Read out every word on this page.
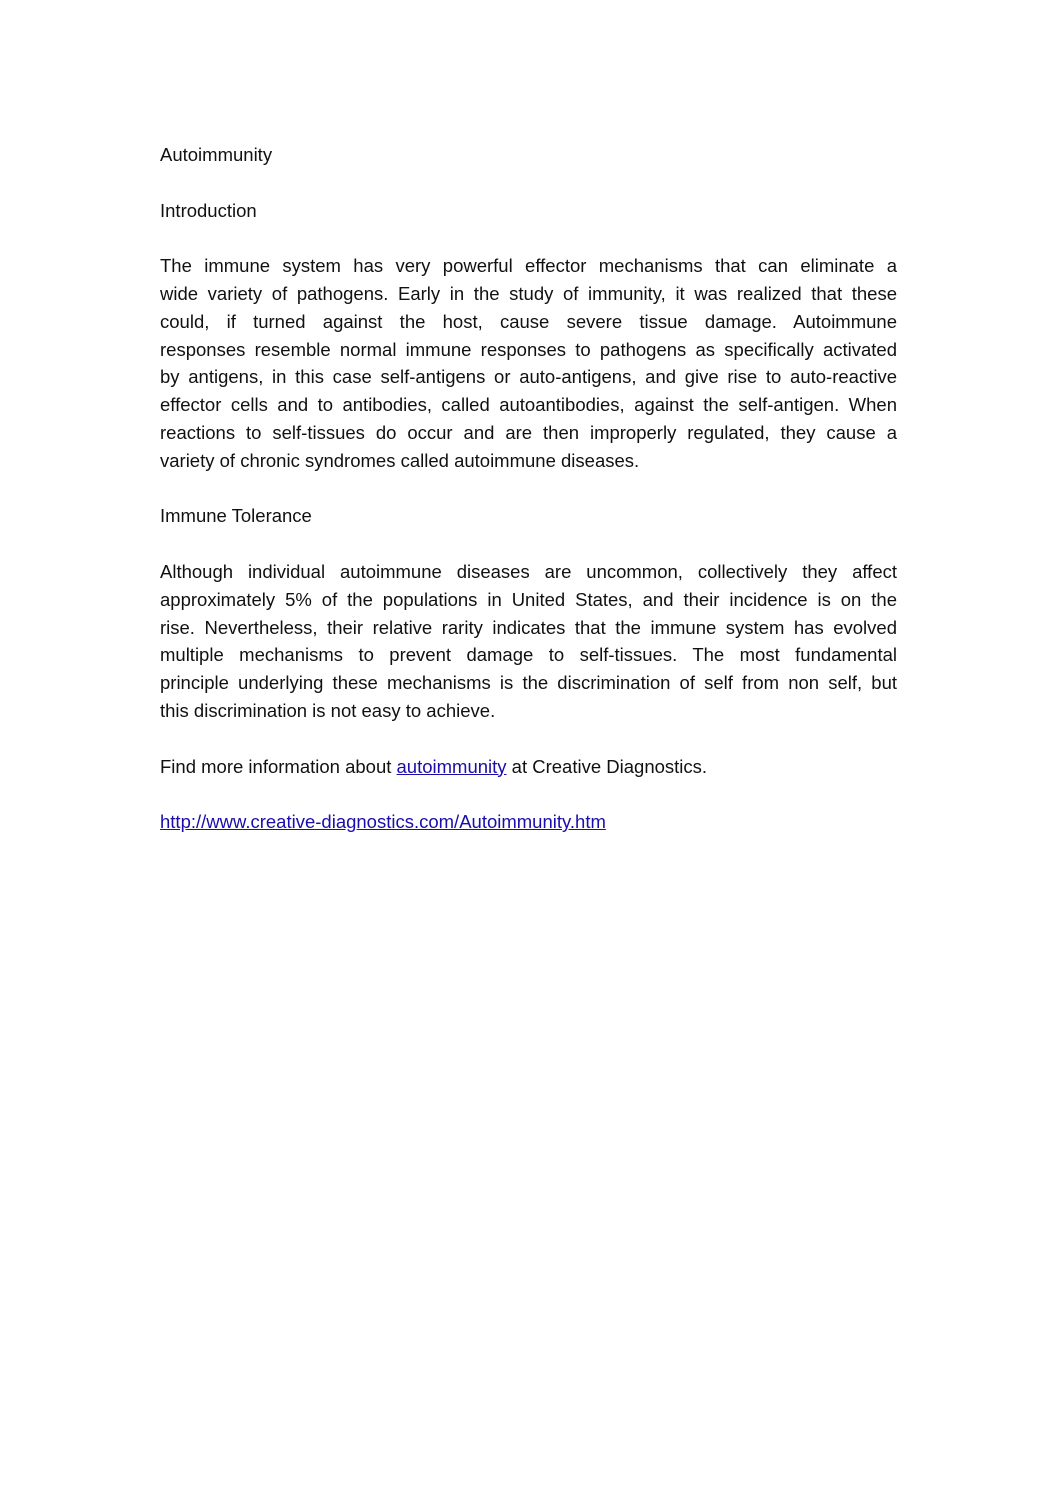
Autoimmunity

Introduction

The immune system has very powerful effector mechanisms that can eliminate a
wide variety of pathogens. Early in the study of immunity, it was realized that these
could, if turned against the host, cause severe tissue damage. Autoimmune
responses resemble normal immune responses to pathogens as specifically activated
by antigens, in this case self-antigens or auto-antigens, and give rise to auto-reactive
effector cells and to antibodies, called autoantibodies, against the self-antigen. When
reactions to self-tissues do occur and are then improperly regulated, they cause a
variety of chronic syndromes called autoimmune diseases.

Immune Tolerance

Although individual autoimmune diseases are uncommon, collectively they affect
approximately 5% of the populations in United States, and their incidence is on the
rise. Nevertheless, their relative rarity indicates that the immune system has evolved
multiple mechanisms to prevent damage to self-tissues. The most fundamental
principle underlying these mechanisms is the discrimination of self from non self, but
this discrimination is not easy to achieve.

Find more information about autoimmunity at Creative Diagnostics.

http://www.creative-diagnostics.com/Autoimmunity.htm
